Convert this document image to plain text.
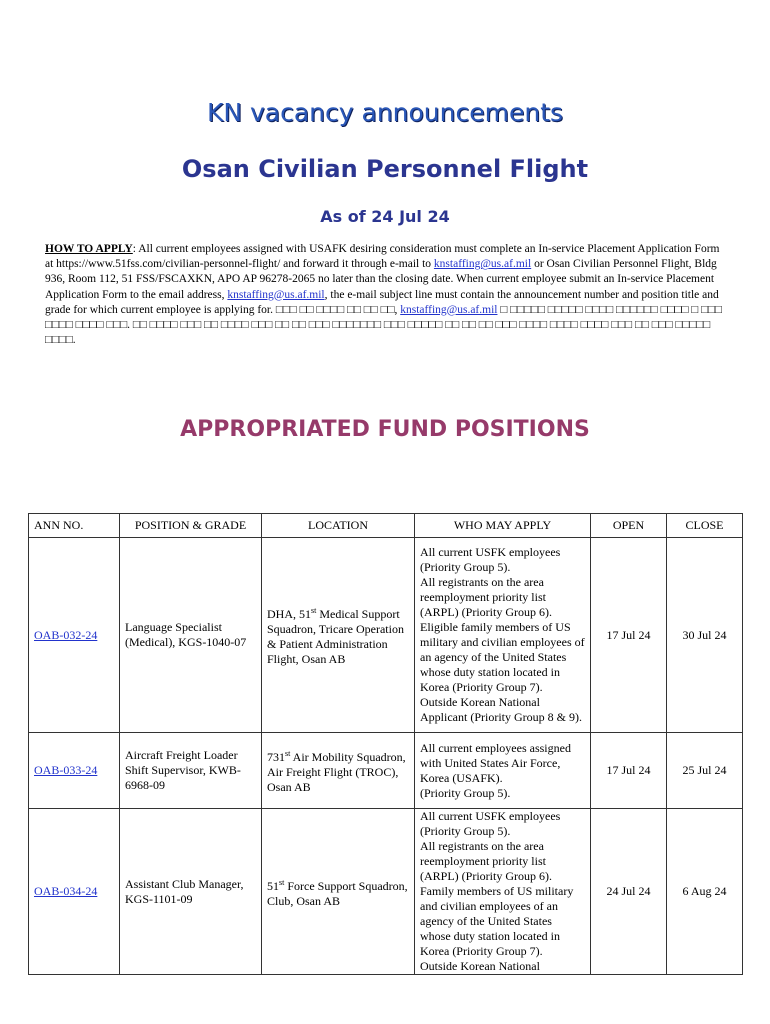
KN vacancy announcements
Osan Civilian Personnel Flight
As of 24 Jul 24

HOW TO APPLY: All current employees assigned with USAFK desiring consideration must complete an In-service Placement Application Form at https://www.51fss.com/civilian-personnel-flight/ and forward it through e-mail to knstaffing@us.af.mil or Osan Civilian Personnel Flight, Bldg 936, Room 112, 51 FSS/FSCAXKN, APO AP 96278-2065 no later than the closing date. When current employee submit an In-service Placement Application Form to the email address, knstaffing@us.af.mil, the e-mail subject line must contain the announcement number and position title and grade for which current employee is applying for. □□□ □□ □□□□ □□ □□ □□, knstaffing@us.af.mil □ □□□□□ □□□□□ □□□□ □□□□□□ □□□□ □ □□□ □□□□ □□□□ □□□. □□ □□□□ □□□ □□ □□□□ □□□ □□ □□ □□□ □□□□□□□ □□□ □□□□□ □□ □□ □□ □□□ □□□□ □□□□ □□□□ □□□ □□ □□□ □□□□□ □□□□.

APPROPRIATED FUND POSITIONS
ANN NO.	POSITION & GRADE	LOCATION	WHO MAY APPLY	OPEN	CLOSE
OAB-032-24	Language Specialist (Medical), KGS-1040-07	DHA, 51st Medical Support Squadron, Tricare Operation & Patient Administration Flight, Osan AB	All current USFK employees (Priority Group 5).
All registrants on the area reemployment priority list (ARPL) (Priority Group 6).
Eligible family members of US military and civilian employees of an agency of the United States whose duty station located in Korea (Priority Group 7).
Outside Korean National Applicant (Priority Group 8 & 9).	17 Jul 24	30 Jul 24
OAB-033-24	Aircraft Freight Loader Shift Supervisor, KWB-6968-09	731st Air Mobility Squadron, Air Freight Flight (TROC), Osan AB	All current employees assigned with United States Air Force, Korea (USAFK).
(Priority Group 5).	17 Jul 24	25 Jul 24
OAB-034-24	Assistant Club Manager, KGS-1101-09	51st Force Support Squadron, Club, Osan AB	All current USFK employees (Priority Group 5).
All registrants on the area reemployment priority list (ARPL) (Priority Group 6).
Family members of US military and civilian employees of an agency of the United States whose duty station located in Korea (Priority Group 7).
Outside Korean National	24 Jul 24	6 Aug 24
